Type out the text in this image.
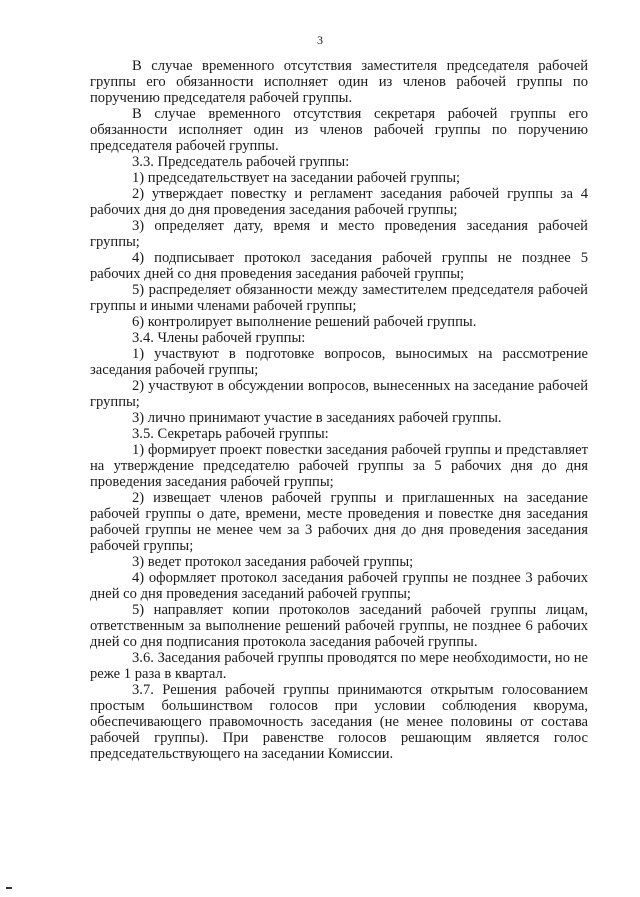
3

В случае временного отсутствия заместителя председателя рабочей группы его обязанности исполняет один из членов рабочей группы по поручению председателя рабочей группы.

В случае временного отсутствия секретаря рабочей группы его обязанности исполняет один из членов рабочей группы по поручению председателя рабочей группы.

3.3. Председатель рабочей группы:

1) председательствует на заседании рабочей группы;

2) утверждает повестку и регламент заседания рабочей группы за 4 рабочих дня до дня проведения заседания рабочей группы;

3) определяет дату, время и место проведения заседания рабочей группы;

4) подписывает протокол заседания рабочей группы не позднее 5 рабочих дней со дня проведения заседания рабочей группы;

5) распределяет обязанности между заместителем председателя рабочей группы и иными членами рабочей группы;

6) контролирует выполнение решений рабочей группы.

3.4. Члены рабочей группы:

1) участвуют в подготовке вопросов, выносимых на рассмотрение заседания рабочей группы;

2) участвуют в обсуждении вопросов, вынесенных на заседание рабочей группы;

3) лично принимают участие в заседаниях рабочей группы.

3.5. Секретарь рабочей группы:

1) формирует проект повестки заседания рабочей группы и представляет на утверждение председателю рабочей группы за 5 рабочих дня до дня проведения заседания рабочей группы;

2) извещает членов рабочей группы и приглашенных на заседание рабочей группы о дате, времени, месте проведения и повестке дня заседания рабочей группы не менее чем за 3 рабочих дня до дня проведения заседания рабочей группы;

3) ведет протокол заседания рабочей группы;

4) оформляет протокол заседания рабочей группы не позднее 3 рабочих дней со дня проведения заседаний рабочей группы;

5) направляет копии протоколов заседаний рабочей группы лицам, ответственным за выполнение решений рабочей группы, не позднее 6 рабочих дней со дня подписания протокола заседания рабочей группы.

3.6. Заседания рабочей группы проводятся по мере необходимости, но не реже 1 раза в квартал.

3.7. Решения рабочей группы принимаются открытым голосованием простым большинством голосов при условии соблюдения кворума, обеспечивающего правомочность заседания (не менее половины от состава рабочей группы). При равенстве голосов решающим является голос председательствующего на заседании Комиссии.
